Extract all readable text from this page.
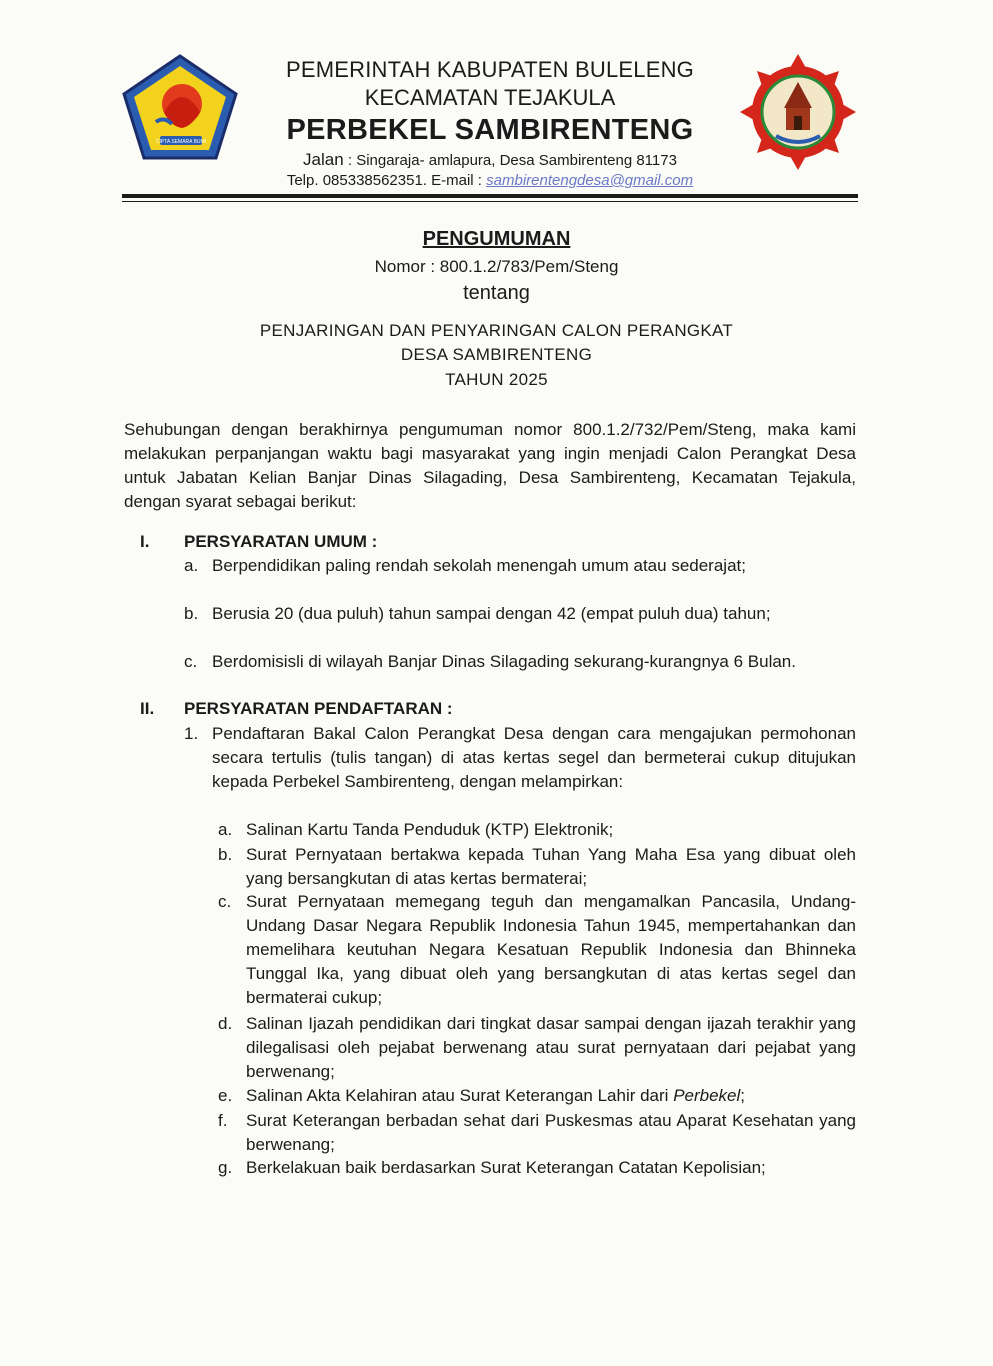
CIPTA SEMARA BUMI
PEMERINTAH KABUPATEN BULELENG
KECAMATAN TEJAKULA
PERBEKEL SAMBIRENTENG
Jalan : Singaraja- amlapura, Desa Sambirenteng 81173
Telp. 085338562351. E-mail : sambirentengdesa@gmail.com
PENGUMUMAN
Nomor : 800.1.2/783/Pem/Steng
tentang
PENJARINGAN DAN PENYARINGAN CALON PERANGKAT
DESA SAMBIRENTENG
TAHUN 2025
Sehubungan dengan berakhirnya pengumuman nomor 800.1.2/732/Pem/Steng, maka kami melakukan perpanjangan waktu bagi masyarakat yang ingin menjadi Calon Perangkat Desa untuk Jabatan Kelian Banjar Dinas Silagading, Desa Sambirenteng, Kecamatan Tejakula, dengan syarat sebagai berikut:
I. PERSYARATAN UMUM :
a. Berpendidikan paling rendah sekolah menengah umum atau sederajat;
b. Berusia 20 (dua puluh) tahun sampai dengan 42 (empat puluh dua) tahun;
c. Berdomisisli di wilayah Banjar Dinas Silagading sekurang-kurangnya 6 Bulan.
II. PERSYARATAN PENDAFTARAN :
1. Pendaftaran Bakal Calon Perangkat Desa dengan cara mengajukan permohonan secara tertulis (tulis tangan) di atas kertas segel dan bermeterai cukup ditujukan kepada Perbekel Sambirenteng, dengan melampirkan:
a. Salinan Kartu Tanda Penduduk (KTP) Elektronik;
b. Surat Pernyataan bertakwa kepada Tuhan Yang Maha Esa yang dibuat oleh yang bersangkutan di atas kertas bermaterai;
c. Surat Pernyataan memegang teguh dan mengamalkan Pancasila, Undang-Undang Dasar Negara Republik Indonesia Tahun 1945, mempertahankan dan memelihara keutuhan Negara Kesatuan Republik Indonesia dan Bhinneka Tunggal Ika, yang dibuat oleh yang bersangkutan di atas kertas segel dan bermaterai cukup;
d. Salinan Ijazah pendidikan dari tingkat dasar sampai dengan ijazah terakhir yang dilegalisasi oleh pejabat berwenang atau surat pernyataan dari pejabat yang berwenang;
e. Salinan Akta Kelahiran atau Surat Keterangan Lahir dari Perbekel;
f. Surat Keterangan berbadan sehat dari Puskesmas atau Aparat Kesehatan yang berwenang;
g. Berkelakuan baik berdasarkan Surat Keterangan Catatan Kepolisian;
